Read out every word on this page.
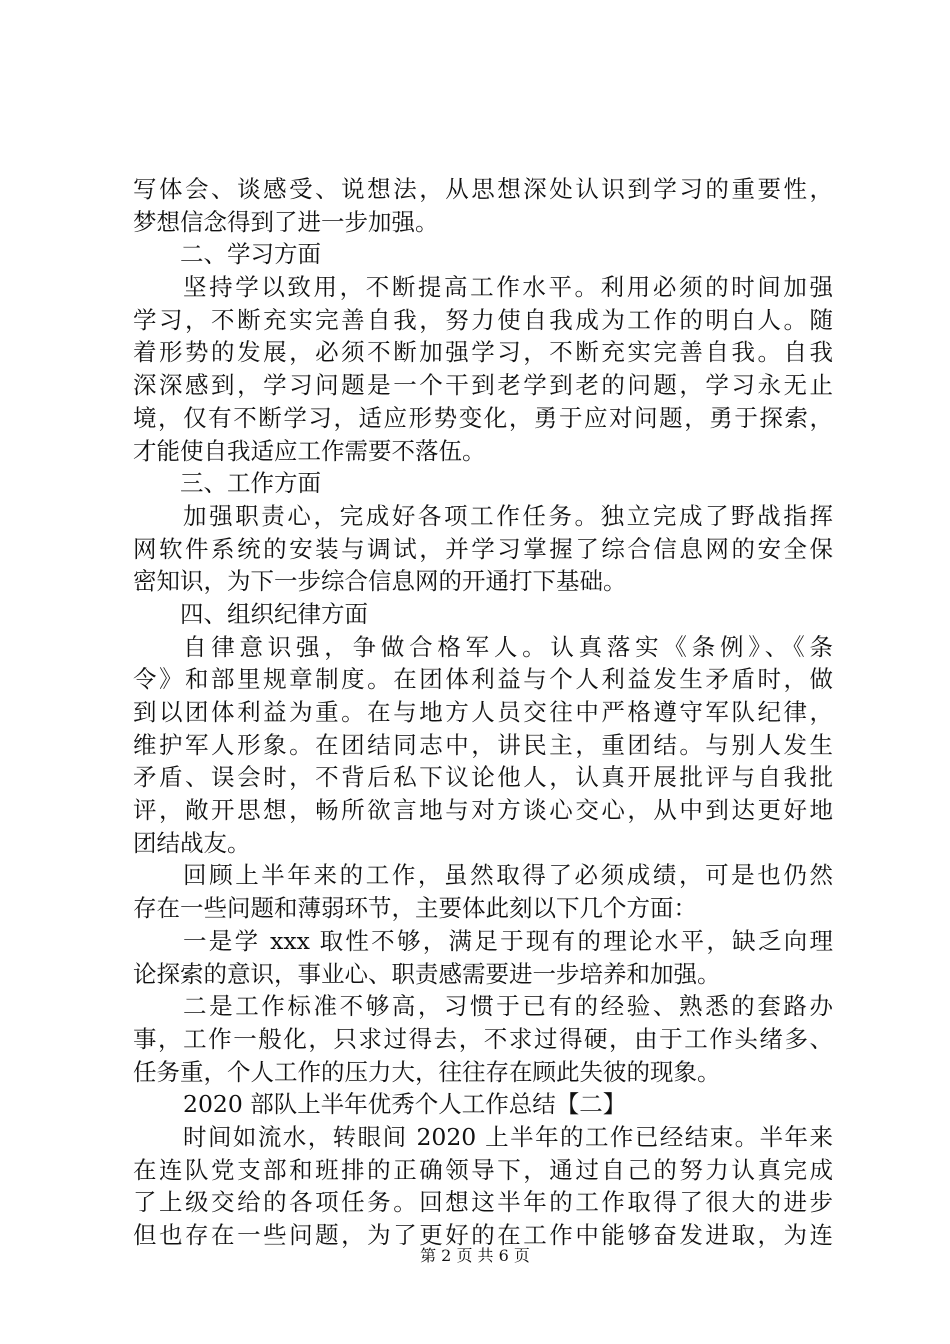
写体会、谈感受、说想法，从思想深处认识到学习的重要性，
梦想信念得到了进一步加强。
二、学习方面
坚持学以致用，不断提高工作水平。利用必须的时间加强
学习，不断充实完善自我，努力使自我成为工作的明白人。随
着形势的发展，必须不断加强学习，不断充实完善自我。自我
深深感到，学习问题是一个干到老学到老的问题，学习永无止
境，仅有不断学习，适应形势变化，勇于应对问题，勇于探索，
才能使自我适应工作需要不落伍。
三、工作方面
加强职责心，完成好各项工作任务。独立完成了野战指挥
网软件系统的安装与调试，并学习掌握了综合信息网的安全保
密知识，为下一步综合信息网的开通打下基础。
四、组织纪律方面
自律意识强，争做合格军人。认真落实《条例》、《条
令》和部里规章制度。在团体利益与个人利益发生矛盾时，做
到以团体利益为重。在与地方人员交往中严格遵守军队纪律，
维护军人形象。在团结同志中，讲民主，重团结。与别人发生
矛盾、误会时，不背后私下议论他人，认真开展批评与自我批
评，敞开思想，畅所欲言地与对方谈心交心，从中到达更好地
团结战友。
回顾上半年来的工作，虽然取得了必须成绩，可是也仍然
存在一些问题和薄弱环节，主要体此刻以下几个方面：
一是学 xxx 取性不够，满足于现有的理论水平，缺乏向理
论探索的意识，事业心、职责感需要进一步培养和加强。
二是工作标准不够高，习惯于已有的经验、熟悉的套路办
事，工作一般化，只求过得去，不求过得硬，由于工作头绪多、
任务重，个人工作的压力大，往往存在顾此失彼的现象。
2020 部队上半年优秀个人工作总结【二】
时间如流水，转眼间 2020 上半年的工作已经结束。半年来
在连队党支部和班排的正确领导下，通过自己的努力认真完成
了上级交给的各项任务。回想这半年的工作取得了很大的进步
但也存在一些问题，为了更好的在工作中能够奋发进取，为连
第 2 页 共 6 页
